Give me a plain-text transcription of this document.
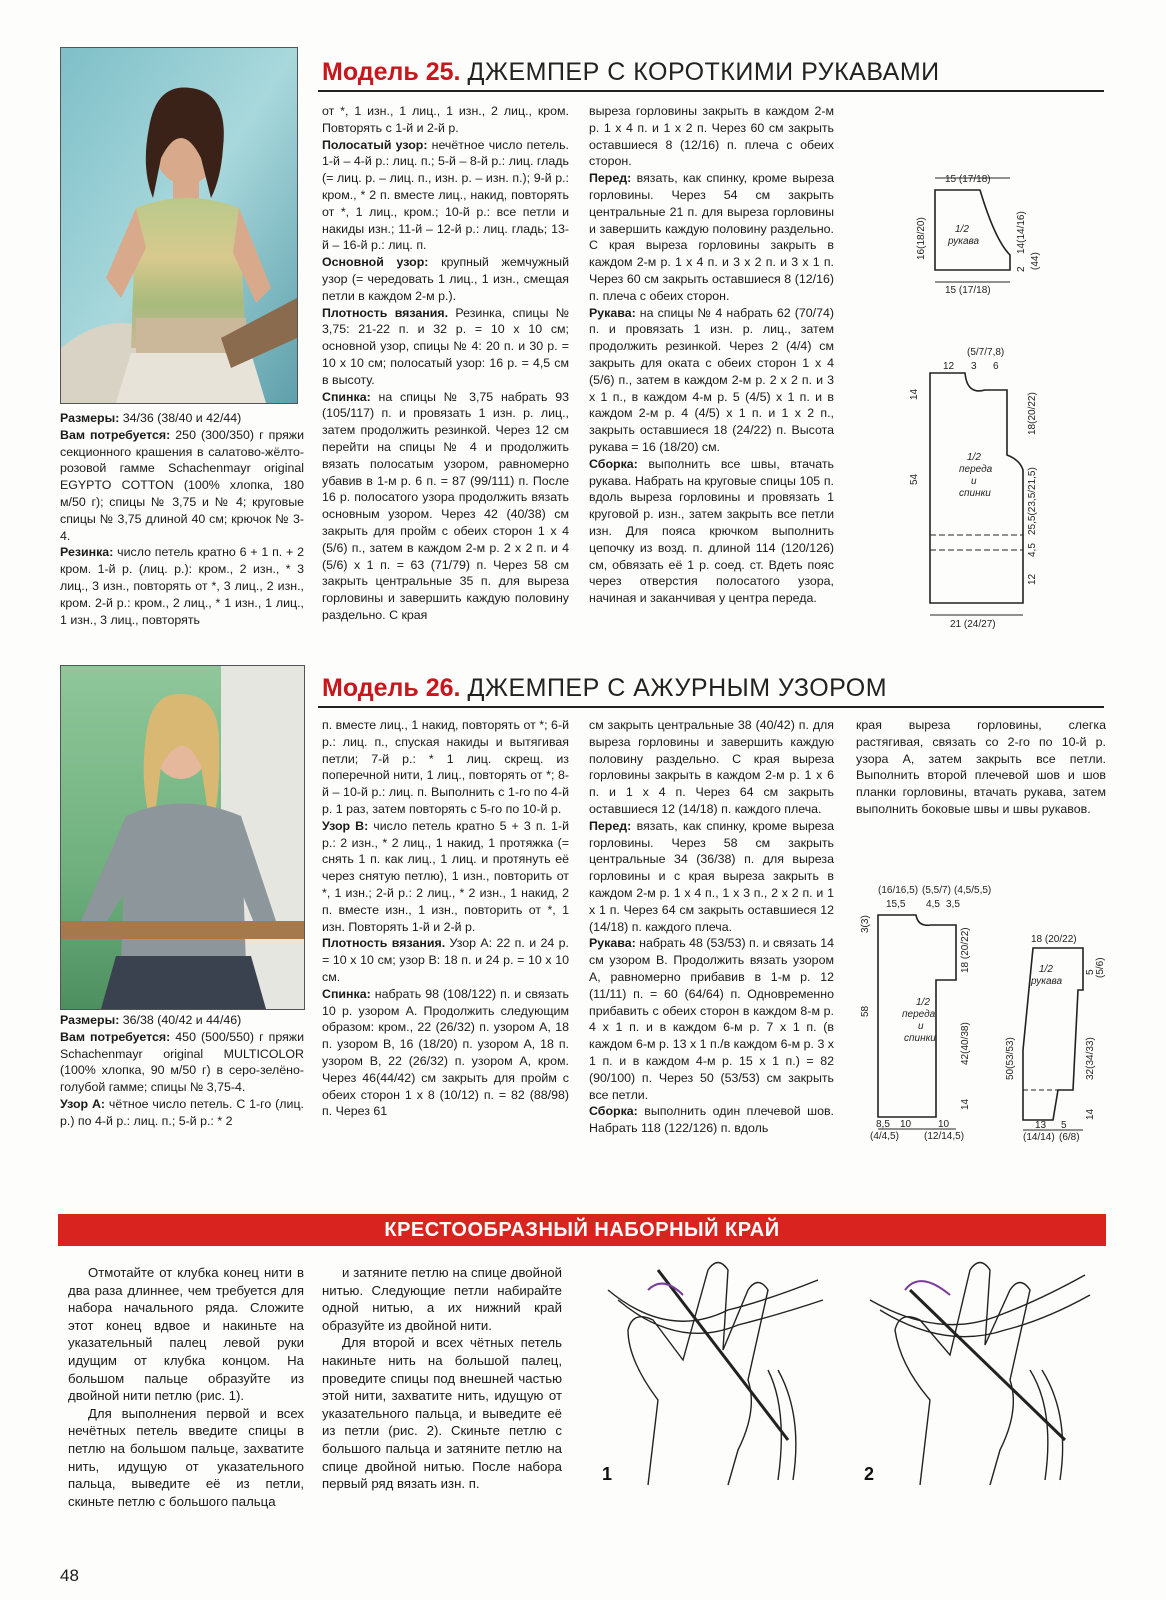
Модель 25. ДЖЕМПЕР С КОРОТКИМИ РУКАВАМИ

Размеры: 34/36 (38/40 и 42/44)

Вам потребуется: 250 (300/350) г пряжи секционного крашения в салатово-жёлто-розовой гамме Schachenmayr original EGYPTO COTTON (100% хлопка, 180 м/50 г); спицы № 3,75 и № 4; круговые спицы № 3,75 длиной 40 см; крючок № 3-4.

Резинка: число петель кратно 6 + 1 п. + 2 кром. 1-й р. (лиц. р.): кром., 2 изн., * 3 лиц., 3 изн., повторять от *, 3 лиц., 2 изн., кром. 2-й р.: кром., 2 лиц., * 1 изн., 1 лиц., 1 изн., 3 лиц., повторять

от *, 1 изн., 1 лиц., 1 изн., 2 лиц., кром. Повторять с 1-й и 2-й р.

Полосатый узор: нечётное число петель. 1-й – 4-й р.: лиц. п.; 5-й – 8-й р.: лиц. гладь (= лиц. р. – лиц. п., изн. р. – изн. п.); 9-й р.: кром., * 2 п. вместе лиц., накид, повторять от *, 1 лиц., кром.; 10-й р.: все петли и накиды изн.; 11-й – 12-й р.: лиц. гладь; 13-й – 16-й р.: лиц. п.

Основной узор: крупный жемчужный узор (= чередовать 1 лиц., 1 изн., смещая петли в каждом 2-м р.).

Плотность вязания. Резинка, спицы № 3,75: 21-22 п. и 32 р. = 10 х 10 см; основной узор, спицы № 4: 20 п. и 30 р. = 10 х 10 см; полосатый узор: 16 р. = 4,5 см в высоту.

Спинка: на спицы № 3,75 набрать 93 (105/117) п. и провязать 1 изн. р. лиц., затем продолжить резинкой. Через 12 см перейти на спицы № 4 и продолжить вязать полосатым узором, равномерно убавив в 1-м р. 6 п. = 87 (99/111) п. После 16 р. полосатого узора продолжить вязать основным узором. Через 42 (40/38) см закрыть для пройм с обеих сторон 1 х 4 (5/6) п., затем в каждом 2-м р. 2 х 2 п. и 4 (5/6) х 1 п. = 63 (71/79) п. Через 58 см закрыть центральные 35 п. для выреза горловины и завершить каждую половину раздельно. С края

выреза горловины закрыть в каждом 2-м р. 1 х 4 п. и 1 х 2 п. Через 60 см закрыть оставшиеся 8 (12/16) п. плеча с обеих сторон.

Перед: вязать, как спинку, кроме выреза горловины. Через 54 см закрыть центральные 21 п. для выреза горловины и завершить каждую половину раздельно. С края выреза горловины закрыть в каждом 2-м р. 1 х 4 п. и 3 х 2 п. и 3 х 1 п. Через 60 см закрыть оставшиеся 8 (12/16) п. плеча с обеих сторон.

Рукава: на спицы № 4 набрать 62 (70/74) п. и провязать 1 изн. р. лиц., затем продолжить резинкой. Через 2 (4/4) см закрыть для оката с обеих сторон 1 х 4 (5/6) п., затем в каждом 2-м р. 2 х 2 п. и 3 х 1 п., в каждом 4-м р. 5 (4/5) х 1 п. и в каждом 2-м р. 4 (4/5) х 1 п. и 1 х 2 п., закрыть оставшиеся 18 (24/22) п. Высота рукава = 16 (18/20) см.

Сборка: выполнить все швы, втачать рукава. Набрать на круговые спицы 105 п. вдоль выреза горловины и провязать 1 круговой р. изн., затем закрыть все петли изн. Для пояса крючком выполнить цепочку из возд. п. длиной 114 (120/126) см, обвязать её 1 р. соед. ст. Вдеть пояс через отверстия полосатого узора, начиная и заканчивая у центра переда.

15 (17/18)
15 (17/18)
16(18/20)
2
14(14/16)
(44)
1/2
рукава
(5/7/7,8)
12 3 6
14
54
18(20/22)
25,5(23,5/21,5)
4,5
12
21 (24/27)
1/2
переда
и
спинки
Модель 26. ДЖЕМПЕР С АЖУРНЫМ УЗОРОМ

Размеры: 36/38 (40/42 и 44/46)

Вам потребуется: 450 (500/550) г пряжи Schachenmayr original MULTICOLOR (100% хлопка, 90 м/50 г) в серо-зелёно-голубой гамме; спицы № 3,75-4.

Узор А: чётное число петель. С 1-го (лиц. р.) по 4-й р.: лиц. п.; 5-й р.: * 2

п. вместе лиц., 1 накид, повторять от *; 6-й р.: лиц. п., спуская накиды и вытягивая петли; 7-й р.: * 1 лиц. скрещ. из поперечной нити, 1 лиц., повторять от *; 8-й – 10-й р.: лиц. п. Выполнить с 1-го по 4-й р. 1 раз, затем повторять с 5-го по 10-й р.

Узор В: число петель кратно 5 + 3 п. 1-й р.: 2 изн., * 2 лиц., 1 накид, 1 протяжка (= снять 1 п. как лиц., 1 лиц. и протянуть её через снятую петлю), 1 изн., повторить от *, 1 изн.; 2-й р.: 2 лиц., * 2 изн., 1 накид, 2 п. вместе изн., 1 изн., повторить от *, 1 изн. Повторять 1-й и 2-й р.

Плотность вязания. Узор А: 22 п. и 24 р. = 10 х 10 см; узор В: 18 п. и 24 р. = 10 х 10 см.

Спинка: набрать 98 (108/122) п. и связать 10 р. узором А. Продолжить следующим образом: кром., 22 (26/32) п. узором А, 18 п. узором В, 16 (18/20) п. узором А, 18 п. узором В, 22 (26/32) п. узором А, кром. Через 46(44/42) см закрыть для пройм с обеих сторон 1 х 8 (10/12) п. = 82 (88/98) п. Через 61

см закрыть центральные 38 (40/42) п. для выреза горловины и завершить каждую половину раздельно. С края выреза горловины закрыть в каждом 2-м р. 1 х 6 п. и 1 х 4 п. Через 64 см закрыть оставшиеся 12 (14/18) п. каждого плеча.

Перед: вязать, как спинку, кроме выреза горловины. Через 58 см закрыть центральные 34 (36/38) п. для выреза горловины и с края выреза закрыть в каждом 2-м р. 1 х 4 п., 1 х 3 п., 2 х 2 п. и 1 х 1 п. Через 64 см закрыть оставшиеся 12 (14/18) п. каждого плеча.

Рукава: набрать 48 (53/53) п. и связать 14 см узором В. Продолжить вязать узором А, равномерно прибавив в 1-м р. 12 (11/11) п. = 60 (64/64) п. Одновременно прибавить с обеих сторон в каждом 8-м р. 4 х 1 п. и в каждом 6-м р. 7 х 1 п. (в каждом 6-м р. 13 х 1 п./в каждом 6-м р. 3 х 1 п. и в каждом 4-м р. 15 х 1 п.) = 82 (90/100) п. Через 50 (53/53) см закрыть все петли.

Сборка: выполнить один плечевой шов. Набрать 118 (122/126) п. вдоль

края выреза горловины, слегка растягивая, связать со 2-го по 10-й р. узора А, затем закрыть все петли. Выполнить второй плечевой шов и шов планки горловины, втачать рукава, затем выполнить боковые швы и швы рукавов.

(16/16,5) (5,5/7) (4,5/5,5)
15,5 4,5 3,5
3(3)
58
18 (20/22)
42(40/38)
14
8,5 10	10
(4/4,5)	(12/14,5)
1/2
переда
и
спинки
18 (20/22)
5 (5/6)
50(53/53)	32(34/33)
14
13 5
(14/14) (6/8)
1/2
рукава
КРЕСТООБРАЗНЫЙ НАБОРНЫЙ КРАЙ

Отмотайте от клубка конец нити в два раза длиннее, чем требуется для набора начального ряда. Сложите этот конец вдвое и накиньте на указательный палец левой руки идущим от клубка концом. На большом пальце образуйте из двойной нити петлю (рис. 1).

Для выполнения первой и всех нечётных петель введите спицы в петлю на большом пальце, захватите нить, идущую от указательного пальца, выведите её из петли, скиньте петлю с большого пальца

и затяните петлю на спице двойной нитью. Следующие петли набирайте одной нитью, а их нижний край образуйте из двойной нити.

Для второй и всех чётных петель накиньте нить на большой палец, проведите спицы под внешней частью этой нити, захватите нить, идущую от указательного пальца, и выведите её из петли (рис. 2). Скиньте петлю с большого пальца и затяните петлю на спице двойной нитью. После набора первый ряд вязать изн. п.	1	2
48
